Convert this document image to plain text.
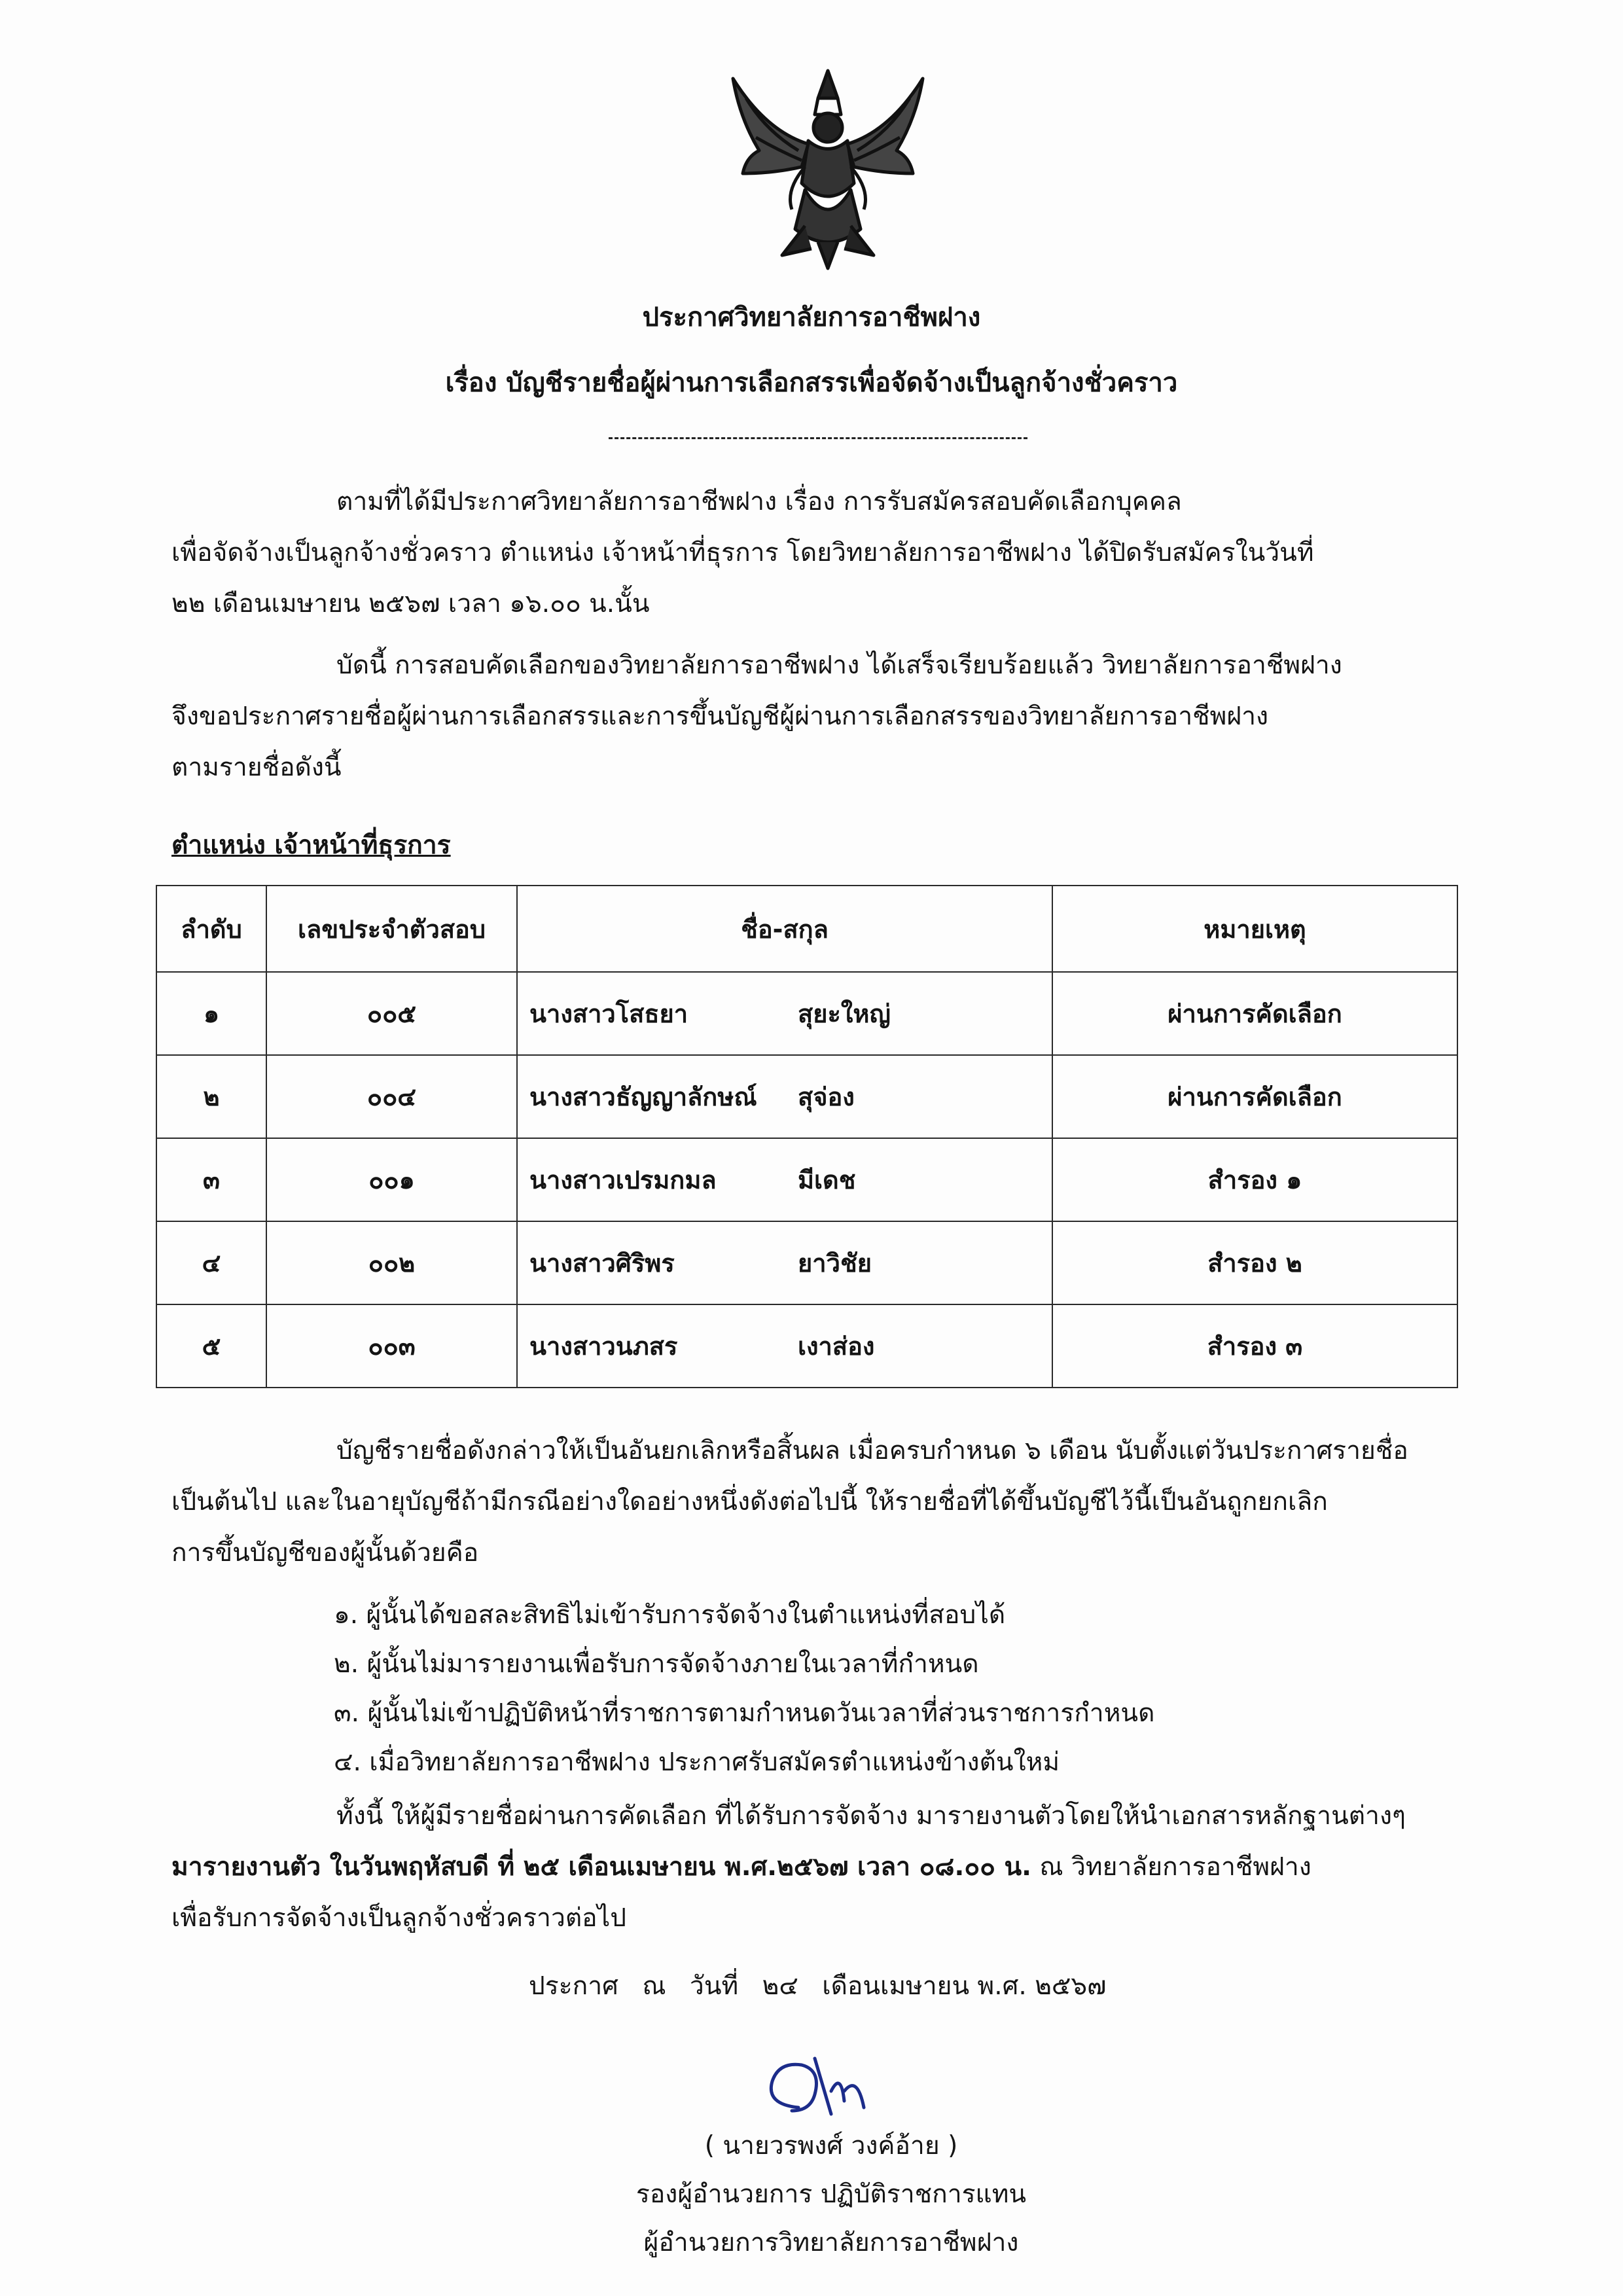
ประกาศวิทยาลัยการอาชีพฝาง
เรื่อง บัญชีรายชื่อผู้ผ่านการเลือกสรรเพื่อจัดจ้างเป็นลูกจ้างชั่วคราว
ตามที่ได้มีประกาศวิทยาลัยการอาชีพฝาง เรื่อง การรับสมัครสอบคัดเลือกบุคคล
เพื่อจัดจ้างเป็นลูกจ้างชั่วคราว ตำแหน่ง เจ้าหน้าที่ธุรการ โดยวิทยาลัยการอาชีพฝาง ได้ปิดรับสมัครในวันที่
๒๒ เดือนเมษายน ๒๕๖๗ เวลา ๑๖.๐๐ น.นั้น
บัดนี้ การสอบคัดเลือกของวิทยาลัยการอาชีพฝาง ได้เสร็จเรียบร้อยแล้ว วิทยาลัยการอาชีพฝาง
จึงขอประกาศรายชื่อผู้ผ่านการเลือกสรรและการขึ้นบัญชีผู้ผ่านการเลือกสรรของวิทยาลัยการอาชีพฝาง
ตามรายชื่อดังนี้
ตำแหน่ง เจ้าหน้าที่ธุรการ
ลำดับ	เลขประจำตัวสอบ	ชื่อ-สกุล	หมายเหตุ
๑	๐๐๕	นางสาวโสธยา สุยะใหญ่	ผ่านการคัดเลือก
๒	๐๐๔	นางสาวธัญญาลักษณ์ สุจ่อง	ผ่านการคัดเลือก
๓	๐๐๑	นางสาวเปรมกมล มีเดช	สำรอง ๑
๔	๐๐๒	นางสาวศิริพร ยาวิชัย	สำรอง ๒
๕	๐๐๓	นางสาวนภสร เงาส่อง	สำรอง ๓
บัญชีรายชื่อดังกล่าวให้เป็นอันยกเลิกหรือสิ้นผล เมื่อครบกำหนด ๖ เดือน นับตั้งแต่วันประกาศรายชื่อ
เป็นต้นไป และในอายุบัญชีถ้ามีกรณีอย่างใดอย่างหนึ่งดังต่อไปนี้ ให้รายชื่อที่ได้ขึ้นบัญชีไว้นี้เป็นอันถูกยกเลิก
การขึ้นบัญชีของผู้นั้นด้วยคือ
๑. ผู้นั้นได้ขอสละสิทธิไม่เข้ารับการจัดจ้างในตำแหน่งที่สอบได้
๒. ผู้นั้นไม่มารายงานเพื่อรับการจัดจ้างภายในเวลาที่กำหนด
๓. ผู้นั้นไม่เข้าปฏิบัติหน้าที่ราชการตามกำหนดวันเวลาที่ส่วนราชการกำหนด
๔. เมื่อวิทยาลัยการอาชีพฝาง ประกาศรับสมัครตำแหน่งข้างต้นใหม่
ทั้งนี้ ให้ผู้มีรายชื่อผ่านการคัดเลือก ที่ได้รับการจัดจ้าง มารายงานตัวโดยให้นำเอกสารหลักฐานต่างๆ
มารายงานตัว ในวันพฤหัสบดี ที่ ๒๕ เดือนเมษายน พ.ศ.๒๕๖๗ เวลา ๐๘.๐๐ น. ณ วิทยาลัยการอาชีพฝาง
เพื่อรับการจัดจ้างเป็นลูกจ้างชั่วคราวต่อไป
ประกาศ ณ วันที่ ๒๔ เดือนเมษายน พ.ศ. ๒๕๖๗
( นายวรพงศ์ วงค์อ้าย )
รองผู้อำนวยการ ปฏิบัติราชการแทน
ผู้อำนวยการวิทยาลัยการอาชีพฝาง
